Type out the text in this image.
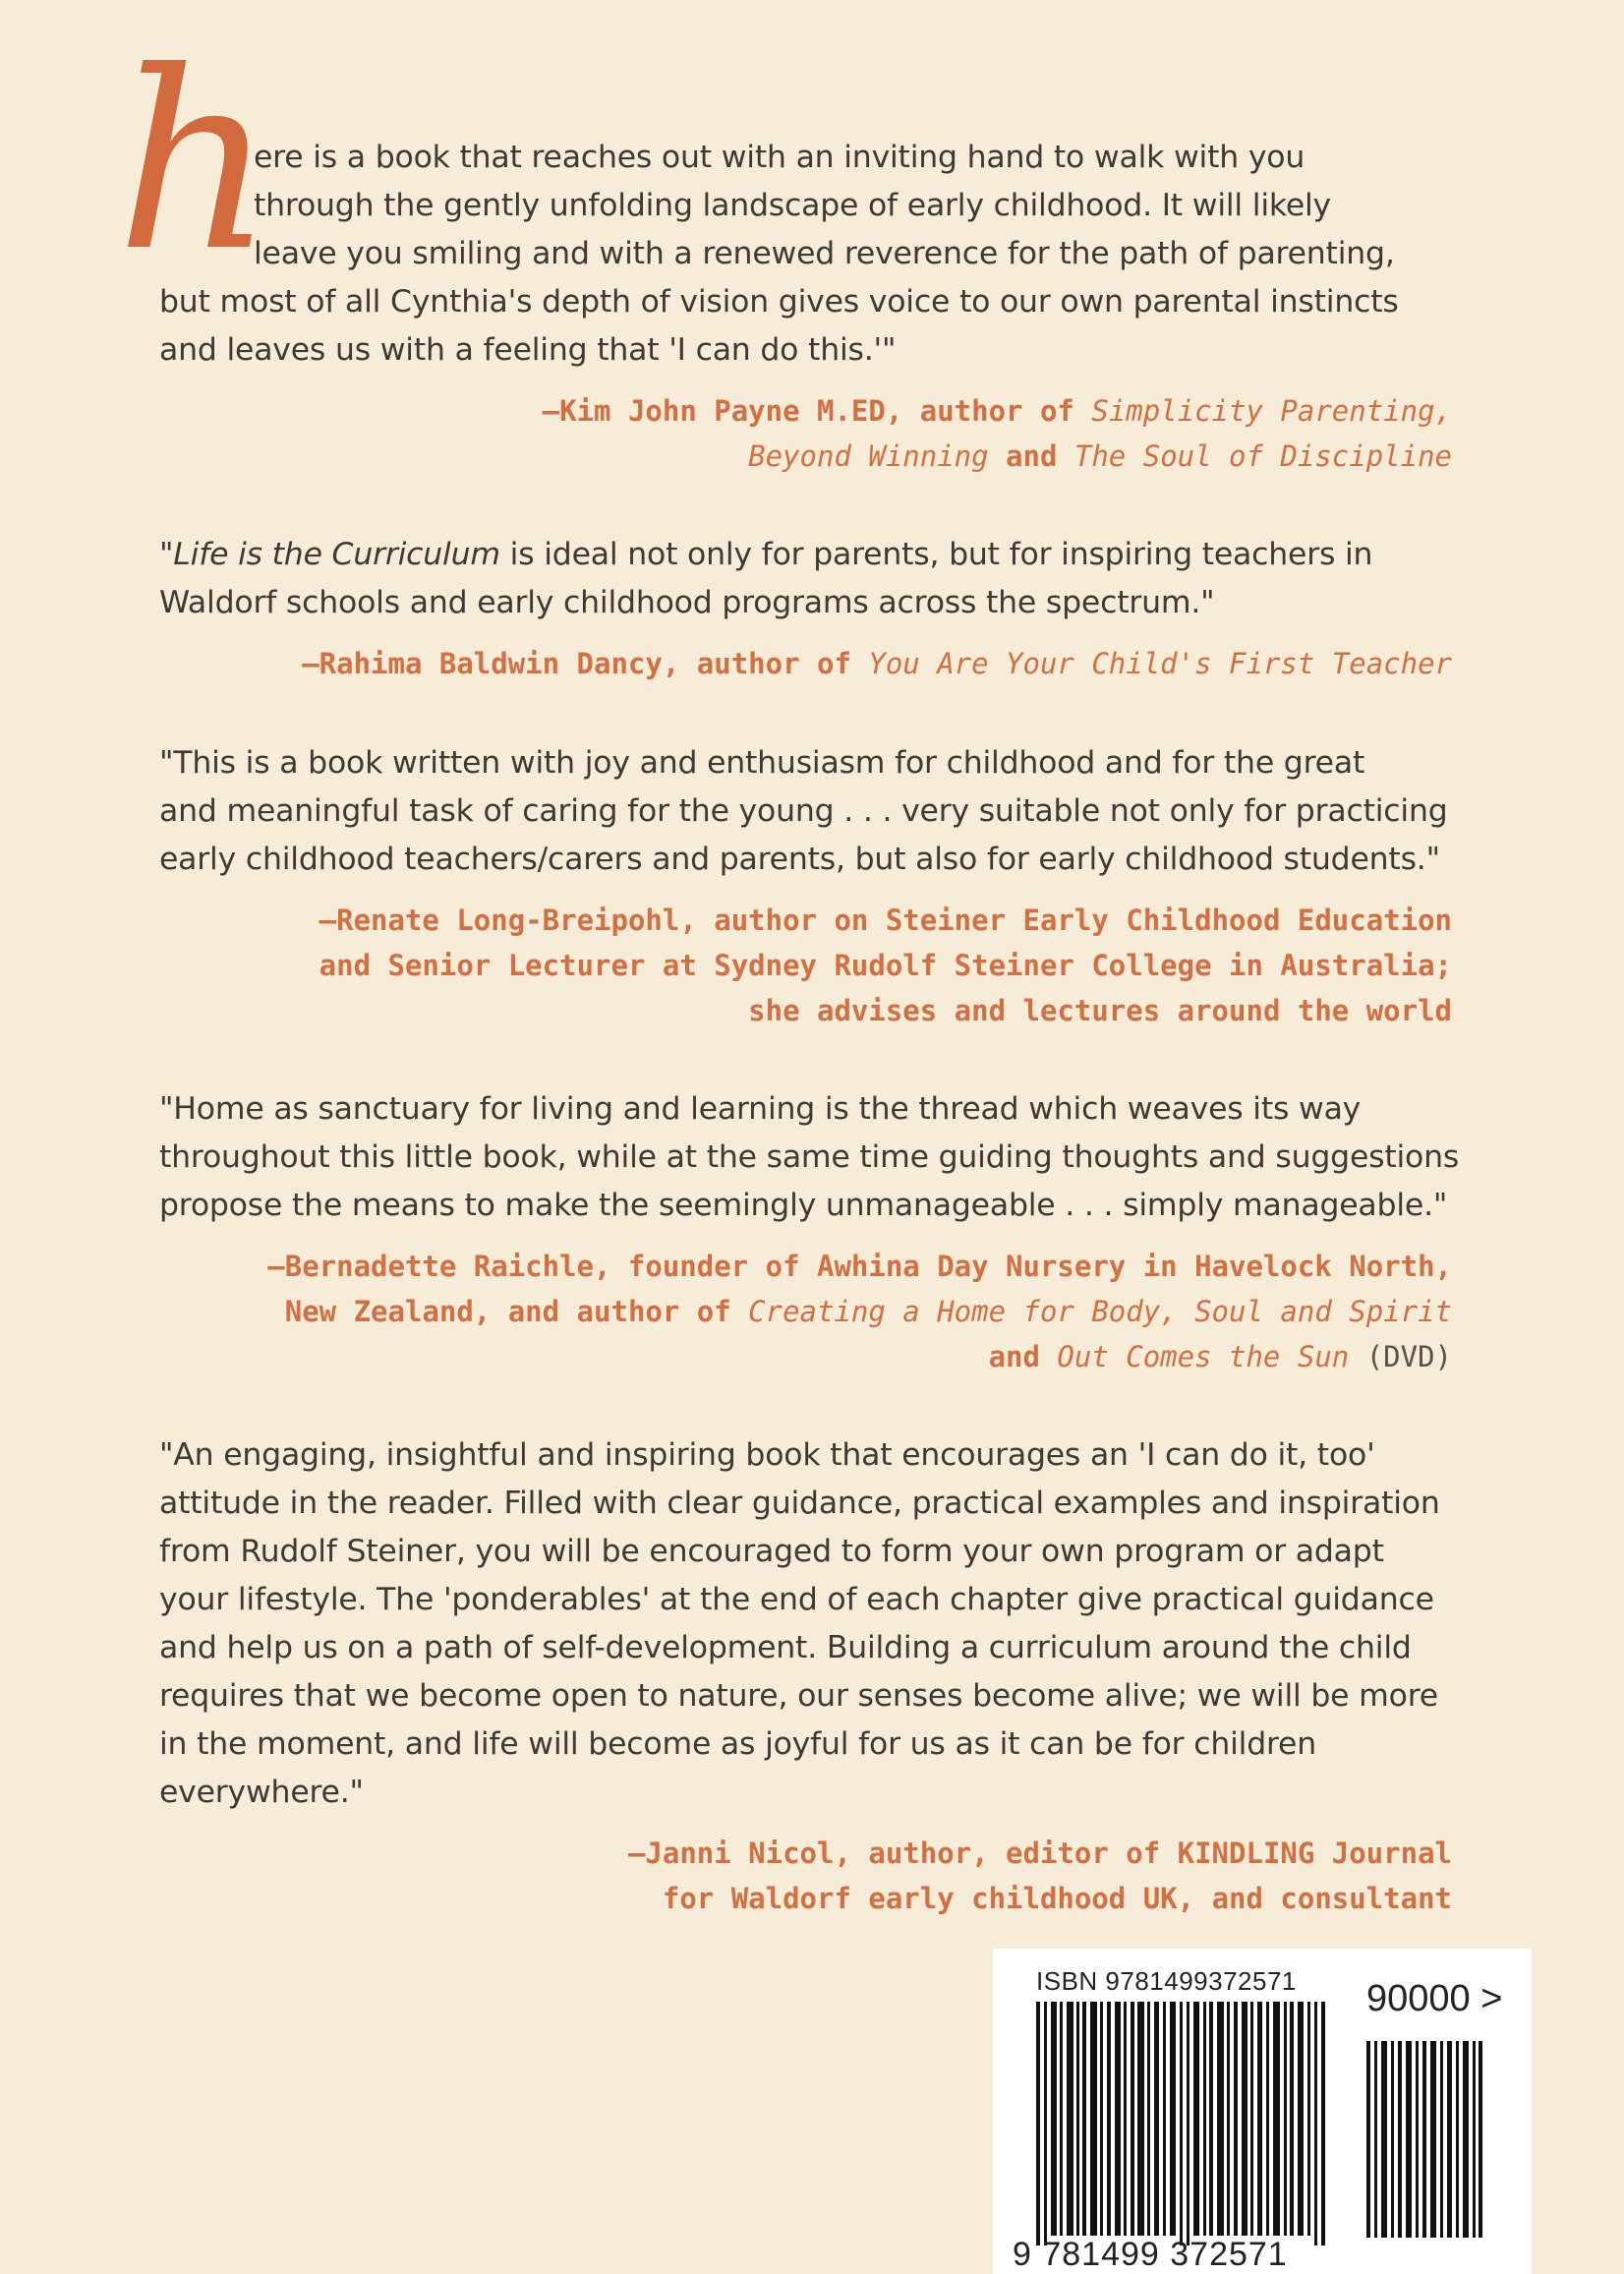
h
ere is a book that reaches out with an inviting hand to walk with you
through the gently unfolding landscape of early childhood. It will likely
leave you smiling and with a renewed reverence for the path of parenting,
but most of all Cynthia's depth of vision gives voice to our own parental instincts
and leaves us with a feeling that 'I can do this.'"
—Kim John Payne M.ED, author of Simplicity Parenting,
Beyond Winning and The Soul of Discipline
"Life is the Curriculum is ideal not only for parents, but for inspiring teachers in
Waldorf schools and early childhood programs across the spectrum."
—Rahima Baldwin Dancy, author of You Are Your Child's First Teacher
"This is a book written with joy and enthusiasm for childhood and for the great
and meaningful task of caring for the young . . . very suitable not only for practicing
early childhood teachers/carers and parents, but also for early childhood students."
—Renate Long-Breipohl, author on Steiner Early Childhood Education
and Senior Lecturer at Sydney Rudolf Steiner College in Australia;
she advises and lectures around the world
"Home as sanctuary for living and learning is the thread which weaves its way
throughout this little book, while at the same time guiding thoughts and suggestions
propose the means to make the seemingly unmanageable . . . simply manageable."
—Bernadette Raichle, founder of Awhina Day Nursery in Havelock North,
New Zealand, and author of Creating a Home for Body, Soul and Spirit
and Out Comes the Sun (DVD)
"An engaging, insightful and inspiring book that encourages an 'I can do it, too'
attitude in the reader. Filled with clear guidance, practical examples and inspiration
from Rudolf Steiner, you will be encouraged to form your own program or adapt
your lifestyle. The 'ponderables' at the end of each chapter give practical guidance
and help us on a path of self-development. Building a curriculum around the child
requires that we become open to nature, our senses become alive; we will be more
in the moment, and life will become as joyful for us as it can be for children
everywhere."
—Janni Nicol, author, editor of KINDLING Journal
for Waldorf early childhood UK, and consultant
ISBN 9781499372571 90000 >
9 781499 372571
